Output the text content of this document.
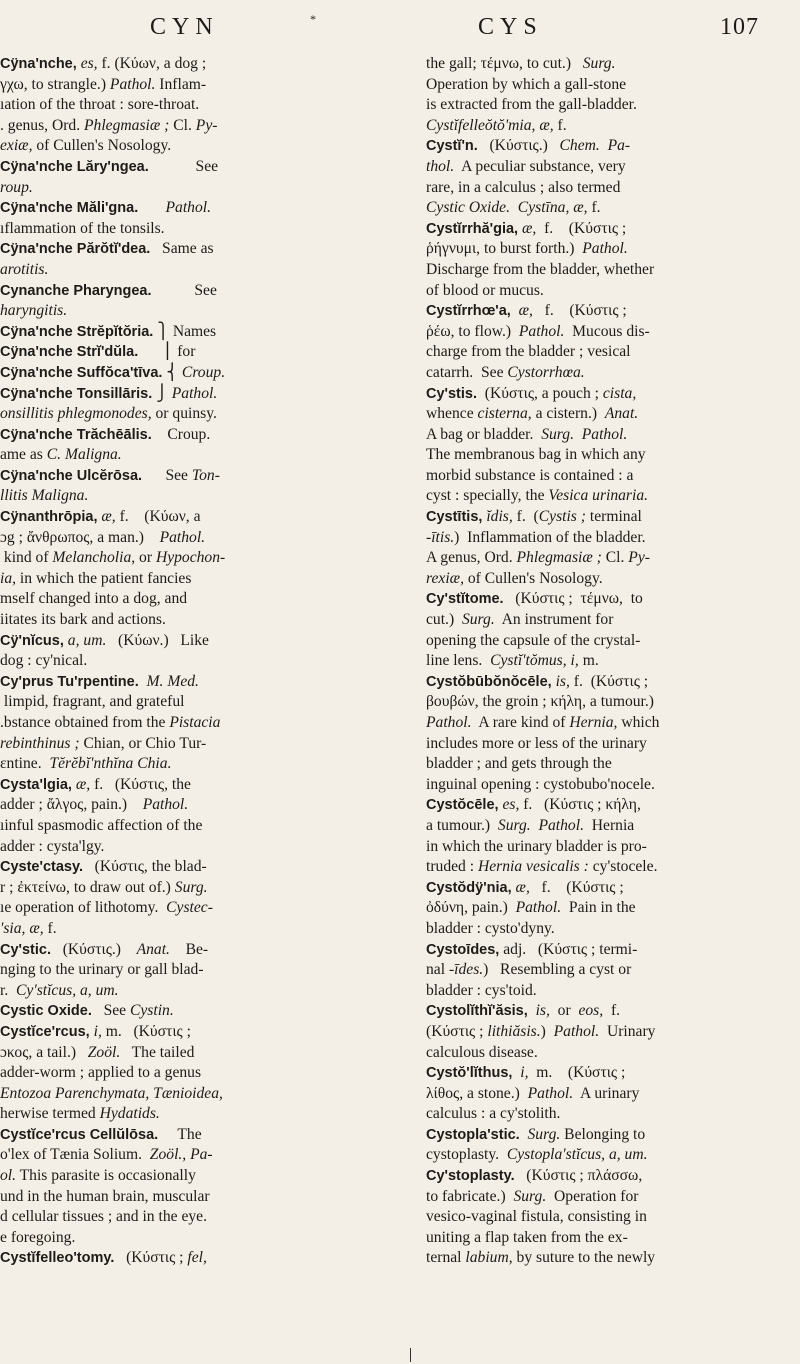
CYN	*	CYS	107
Cÿna'nche, es, f. (Κύων, a dog ;
γχω, to strangle.) Pathol. Inflam-
ıation of the throat : sore-throat.
. genus, Ord. Phlegmasiæ ; Cl. Py-
exiæ, of Cullen's Nosology.
Cÿna'nche Lăry'ngea.            See
roup.
Cÿna'nche Măli'gna. Pathol.
ıflammation of the tonsils.
Cÿna'nche Părŏtĭ'dea.   Same as
arotitis.
Cynanche Pharyngea.           See
haryngitis.
Cÿna'nche Strĕpĭtŏria. ⎫ Names
Cÿna'nche Strĭ'dŭla.      ⎪ for
Cÿna'nche Suffŏca'tīva. ⎨ Croup.
Cÿna'nche Tonsillāris. ⎭ Pathol.
onsillitis phlegmonodes, or quinsy.
Cÿna'nche Trăchēālis.    Croup.
ame as C. Maligna.
Cÿna'nche Ulcĕrōsa.      See Ton-
llitis Maligna.
Cÿnanthrōpia, æ, f.    (Κύων, a
ɔg ; ἄνθρωπος, a man.)    Pathol.
kind of Melancholia, or Hypochon-
ia, in which the patient fancies
mself changed into a dog, and
iitates its bark and actions.
Cÿ'nĭcus, a, um.   (Κύων.)   Like
dog : cy'nical.
Cy'prus Tu'rpentine. M. Med.
limpid, fragrant, and grateful
.bstance obtained from the Pistacia
rebinthinus ; Chian, or Chio Tur-
ɛntine.  Tĕrĕbĭ'nthĭna Chia.
Cysta'lgia, æ, f.   (Κύστις, the
adder ; ἄλγος, pain.)    Pathol.
ıinful spasmodic affection of the
adder : cysta'lgy.
Cyste'ctasy.   (Κύστις, the blad-
r ; ἐκτείνω, to draw out of.) Surg.
ıe operation of lithotomy.  Cystec-
'sia, æ, f.
Cy'stic.   (Κύστις.)    Anat.    Be-
nging to the urinary or gall blad-
r.  Cy'stĭcus, a, um.
Cystic Oxide.   See Cystin.
Cystĭce'rcus, i, m.   (Κύστις ;
ɔκος, a tail.)   Zoöl.   The tailed
adder-worm ; applied to a genus
Entozoa Parenchymata, Tænioidea,
herwise termed Hydatids.
Cystĭce'rcus Cellŭlōsa.     The
o'lex of Tænia Solium.  Zoöl., Pa-
ol. This parasite is occasionally
und in the human brain, muscular
d cellular tissues ; and in the eye.
e foregoing.
Cystĭfelleo'tomy.   (Κύστις ; fel,
the gall; τέμνω, to cut.)   Surg.
Operation by which a gall-stone
is extracted from the gall-bladder.
Cystĭfelleŏtŏ'mia, æ, f.
Cystĭ'n.   (Κύστις.)   Chem.  Pa-
thol.  A peculiar substance, very
rare, in a calculus ; also termed
Cystic Oxide.  Cystīna, æ, f.
Cystĭrrhă'gia, æ,  f.    (Κύστις ;
ῥήγνυμι, to burst forth.)  Pathol.
Discharge from the bladder, whether
of blood or mucus.
Cystĭrrhœ'a, æ,   f.    (Κύστις ;
ῥέω, to flow.)  Pathol.  Mucous dis-
charge from the bladder ; vesical
catarrh.  See Cystorrhœa.
Cy'stis.  (Κύστις, a pouch ; cista,
whence cisterna, a cistern.)  Anat.
A bag or bladder.  Surg.  Pathol.
The membranous bag in which any
morbid substance is contained : a
cyst : specially, the Vesica urinaria.
Cystītis, ĭdis, f.  (Cystis ; terminal
-ītis.)  Inflammation of the bladder.
A genus, Ord. Phlegmasiæ ; Cl. Py-
rexiæ, of Cullen's Nosology.
Cy'stĭtome.   (Κύστις ;  τέμνω,  to
cut.)  Surg.  An instrument for
opening the capsule of the crystal-
line lens.  Cystĭ'tŏmus, i, m.
Cystŏbūbŏnŏcēle, is, f.  (Κύστις ;
βουβών, the groin ; κήλη, a tumour.)
Pathol.  A rare kind of Hernia, which
includes more or less of the urinary
bladder ; and gets through the
inguinal opening : cystobubo'nocele.
Cystŏcēle, es, f.   (Κύστις ; κήλη,
a tumour.)  Surg.  Pathol.  Hernia
in which the urinary bladder is pro-
truded : Hernia vesicalis : cy'stocele.
Cystŏdÿ'nia, æ,   f.    (Κύστις ;
ὀδύνη, pain.)  Pathol.  Pain in the
bladder : cysto'dyny.
Cystoīdes, adj.   (Κύστις ; termi-
nal -īdes.)   Resembling a cyst or
bladder : cys'toid.
Cystolĭthĭ'ăsis, is,  or  eos,  f.
(Κύστις ; lithiăsis.)  Pathol.  Urinary
calculous disease.
Cystŏ'lĭthus, i,  m.    (Κύστις ;
λίθος, a stone.)  Pathol.  A urinary
calculus : a cy'stolith.
Cystopla'stic. Surg. Belonging to
cystoplasty.  Cystopla'stĭcus, a, um.
Cy'stoplasty.   (Κύστις ; πλάσσω,
to fabricate.)  Surg.  Operation for
vesico-vaginal fistula, consisting in
uniting a flap taken from the ex-
ternal labium, by suture to the newly
